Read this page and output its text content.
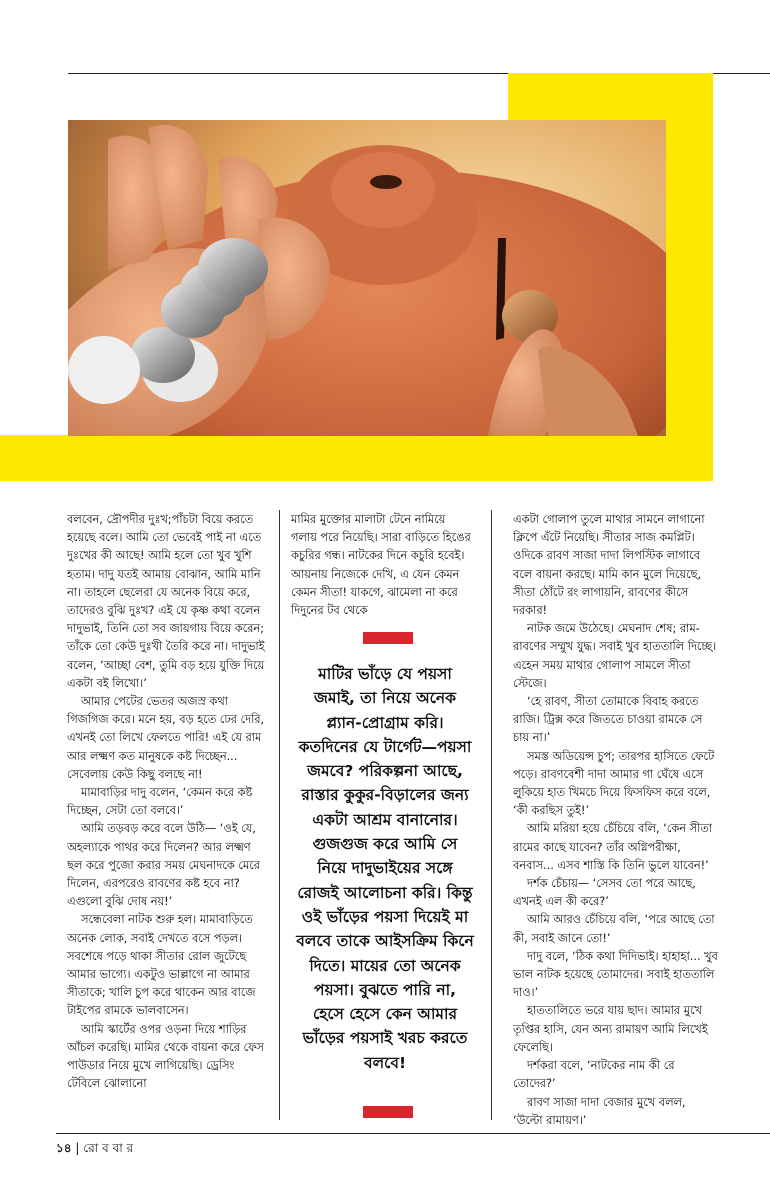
বলবেন, দ্রৌপদীর দুঃখ;পাঁচটা বিয়ে করতে হয়েছে বলে। আমি তো ভেবেই পাই না এতে দুঃখের কী আছে! আমি হলে তো খুব খুশি হতাম। দাদু যতই আমায় বোঝান, আমি মানি না। তাহলে ছেলেরা যে অনেক বিয়ে করে, তাদেরও বুঝি দুঃখ? এই যে কৃষ্ণ কথা বলেন দাদুভাই, তিনি তো সব জায়গায় বিয়ে করেন; তাঁকে তো কেউ দুঃখী তৈরি করে না। দাদুভাই বলেন, ‘আচ্ছা বেশ, তুমি বড় হয়ে যুক্তি দিয়ে একটা বই লিখো।’

আমার পেটের ভেতর অজস্র কথা গিজগিজ করে। মনে হয়, বড় হতে ঢের দেরি, এখনই তো লিখে ফেলতে পারি! এই যে রাম আর লক্ষ্মণ কত মানুষকে কষ্ট দিচ্ছেন... সেবেলায় কেউ কিছু বলছে না!

মামাবাড়ির দাদু বলেন, ‘কেমন করে কষ্ট দিচ্ছেন, সেটা তো বলবে।’

আমি তড়বড় করে বলে উঠি— ‘ওই যে, অহল্যাকে পাথর করে দিলেন? আর লক্ষ্মণ ছল করে পুজো করার সময় মেঘনাদকে মেরে দিলেন, এরপরেও রাবণের কষ্ট হবে না? এগুলো বুঝি দোষ নয়!’

সন্ধেবেলা নাটক শুরু হল। মামাবাড়িতে অনেক লোক, সবাই দেখতে বসে পড়ল। সবশেষে পড়ে থাকা সীতার রোল জুটেছে আমার ভাগ্যে। একটুও ভাল্লাগে না আমার সীতাকে; খালি চুপ করে থাকেন আর বাজে টাইপের রামকে ভালবাসেন।

আমি স্কার্টের ওপর ওড়না দিয়ে শাড়ির আঁচল করেছি। মামির থেকে বায়না করে ফেস পাউডার নিয়ে মুখে লাগিয়েছি। ড্রেসিং টেবিলে ঝোলানো

মামির মুক্তোর মালাটা টেনে নামিয়ে গলায় পরে নিয়েছি। সারা বাড়িতে হিঙের কচুরির গন্ধ। নাটকের দিনে কচুরি হবেই। আয়নায় নিজেকে দেখি, এ যেন কেমন কেমন সীতা! যাকগে, ঝামেলা না করে দিদুনের টব থেকে

মাটির ভাঁড়ে যে পয়সা জমাই, তা নিয়ে অনেক প্ল্যান-প্রোগ্রাম করি। কতদিনের যে টার্গেট—পয়সা জমবে? পরিকল্পনা আছে, রাস্তার কুকুর-বিড়ালের জন্য একটা আশ্রম বানানোর। গুজগুজ করে আমি সে নিয়ে দাদুভাইয়ের সঙ্গে রোজই আলোচনা করি। কিন্তু ওই ভাঁড়ের পয়সা দিয়েই মা বলবে তাকে আইসক্রিম কিনে দিতে। মায়ের তো অনেক পয়সা। বুঝতে পারি না, হেসে হেসে কেন আমার ভাঁড়ের পয়সাই খরচ করতে বলবে!

একটা গোলাপ তুলে মাথার সামনে লাগানো ক্লিপে এঁটে নিয়েছি। সীতার সাজ কমপ্লিট। ওদিকে রাবণ সাজা দাদা লিপস্টিক লাগাবে বলে বায়না করছে। মামি কান মুলে দিয়েছে, সীতা ঠোঁটে রং লাগায়নি, রাবণের কীসে দরকার!

নাটক জমে উঠেছে। মেঘনাদ শেষ; রাম-রাবণের সম্মুখ যুদ্ধ। সবাই খুব হাততালি দিচ্ছে। এহেন সময় মাথার গোলাপ সামলে সীতা স্টেজে।

‘হে রাবণ, সীতা তোমাকে বিবাহ করতে রাজি। ট্রিক্স করে জিততে চাওয়া রামকে সে চায় না।’

সমস্ত অডিয়েন্স চুপ; তারপর হাসিতে ফেটে পড়ে। রাবণবেশী দাদা আমার গা ঘেঁষে এসে লুকিয়ে হাত খিমচে দিয়ে ফিসফিস করে বলে, ‘কী করছিস তুই!’

আমি মরিয়া হয়ে চেঁচিয়ে বলি, ‘কেন সীতা রামের কাছে যাবেন? তাঁর অগ্নিপরীক্ষা, বনবাস... এসব শাস্তি কি তিনি ভুলে যাবেন!’

দর্শক চেঁচায়— ‘সেসব তো পরে আছে, এখনই এল কী করে?’

আমি আরও চেঁচিয়ে বলি, ‘পরে আছে তো কী, সবাই জানে তো!’

দাদু বলে, ‘ঠিক কথা দিদিভাই। হাহাহা... খুব ভাল নাটক হয়েছে তোমাদের। সবাই হাততালি দাও।’

হাততালিতে ভরে যায় ছাদ। আমার মুখে তৃপ্তির হাসি, যেন অন্য রামায়ণ আমি লিখেই ফেলেছি।

দর্শকরা বলে, ‘নাটকের নাম কী রে তোদের?’

রাবণ সাজা দাদা বেজার মুখে বলল, ‘উল্টো রামায়ণ।’

১৪ | রো ব বা র
